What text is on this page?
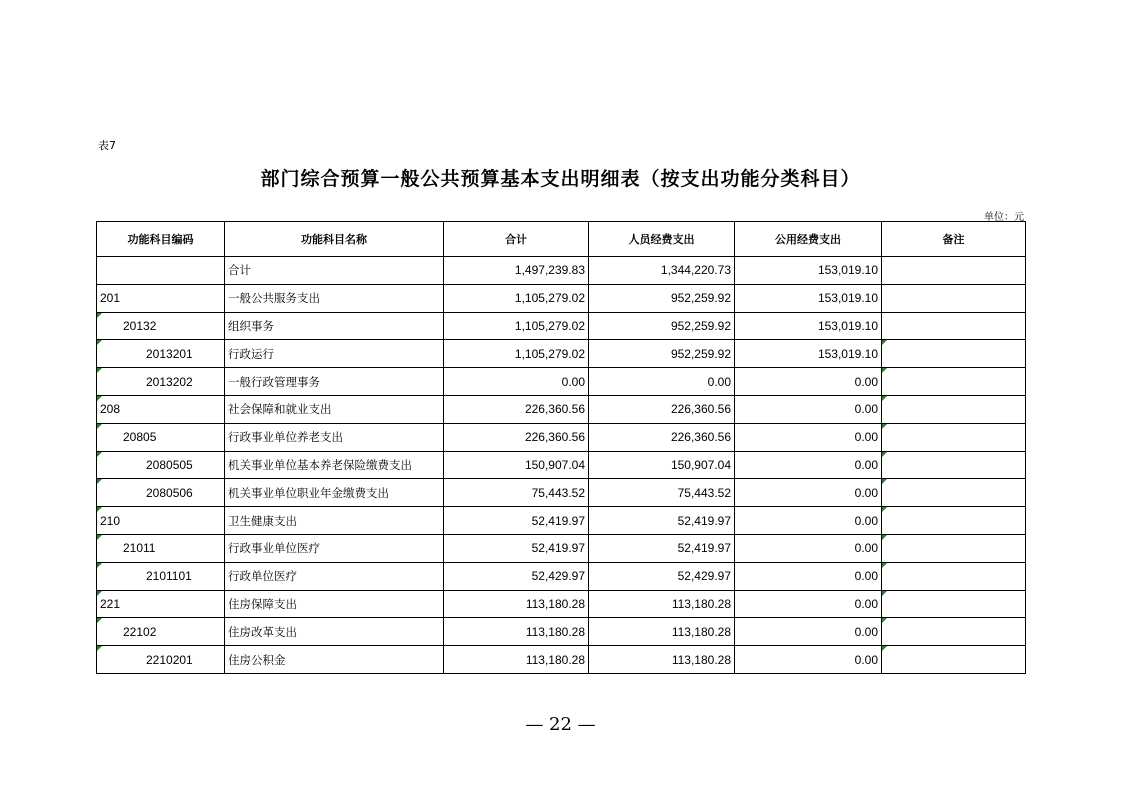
表7
部门综合预算一般公共预算基本支出明细表（按支出功能分类科目）
单位：元
功能科目编码	功能科目名称	合计	人员经费支出	公用经费支出	备注
	合计	1,497,239.83	1,344,220.73	153,019.10	
201	一般公共服务支出	1,105,279.02	952,259.92	153,019.10	
20132	组织事务	1,105,279.02	952,259.92	153,019.10	
2013201	行政运行	1,105,279.02	952,259.92	153,019.10	
2013202	一般行政管理事务	0.00	0.00	0.00	
208	社会保障和就业支出	226,360.56	226,360.56	0.00	
20805	行政事业单位养老支出	226,360.56	226,360.56	0.00	
2080505	机关事业单位基本养老保险缴费支出	150,907.04	150,907.04	0.00	
2080506	机关事业单位职业年金缴费支出	75,443.52	75,443.52	0.00	
210	卫生健康支出	52,419.97	52,419.97	0.00	
21011	行政事业单位医疗	52,419.97	52,419.97	0.00	
2101101	行政单位医疗	52,429.97	52,429.97	0.00	
221	住房保障支出	113,180.28	113,180.28	0.00	
22102	住房改革支出	113,180.28	113,180.28	0.00	
2210201	住房公积金	113,180.28	113,180.28	0.00	
— 22 —
